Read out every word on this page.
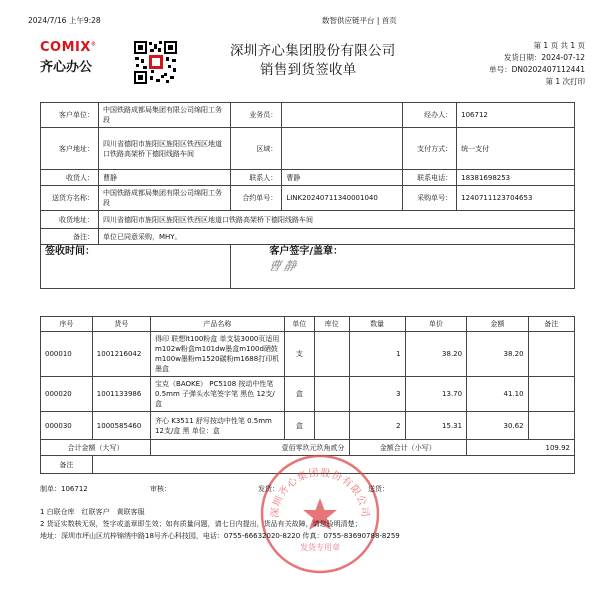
2024/7/16 上午9:28	数智供应链平台 | 首页
COMIX®
齐心办公
深圳齐心集团股份有限公司
销售到货签收单
第 1 页 共 1 页
发货日期：2024-07-12
单号：DN0202407112441
第 1 次打印
客户单位：	中国铁路成都局集团有限公司绵阳工务段	业务员：		经办人：	106712
客户地址：	四川省德阳市旌阳区旌阳区铁西区地道口铁路高架桥下德阳线路车间	区域：		支付方式：	统一支付
收货人：	曹静	联系人：	曹静	联系电话：	18381698253
送货方名称：	中国铁路成都局集团有限公司绵阳工务段	合约单号：	LINK20240711340001040	采购单号：	1240711123704653
收货地址：	四川省德阳市旌阳区旌阳区铁西区地道口铁路高架桥下德阳线路车间				
备注：	单位已同意采购，MHY。				
签收时间：		客户签字/盖章：
曹静			
序号	货号	产品名称	单位	库位	数量	单价	金额	备注
000010	1001216042	得印 联想lt100粉盒 单支装3000页适用m102w粉盒m101dw墨盒m100d硒鼓m100w墨粉m1520碳粉m1688打印机墨盒	支		1	38.20	38.20	
000020	1001133986	宝克（BAOKE） PC5108 按动中性笔0.5mm 子弹头水笔签字笔 黑色 12支/盒	盒		3	13.70	41.10	
000030	1000585460	齐心 K3511 舒写按动中性笔 0.5mm 12支/盒 黑 单位：盒	盒		2	15.31	30.62	
合计金额（大写）		壹佰零玖元玖角贰分			金额合计（小写）		109.92	
备注								
深圳齐心集团股份有限公司
发货专用章
制单：106712	审核：	发货：	送货：
1 白联仓库　红联客户　黄联客服
2 货证实数核无误，签字或盖章即生效；如有质量问题，请七日内提出，货品有关故障，请您验明清楚；
地址：深圳市坪山区坑梓锦绣中路18号齐心科技园，电话：0755-66632020-8220 传真：0755-83690788-8259
